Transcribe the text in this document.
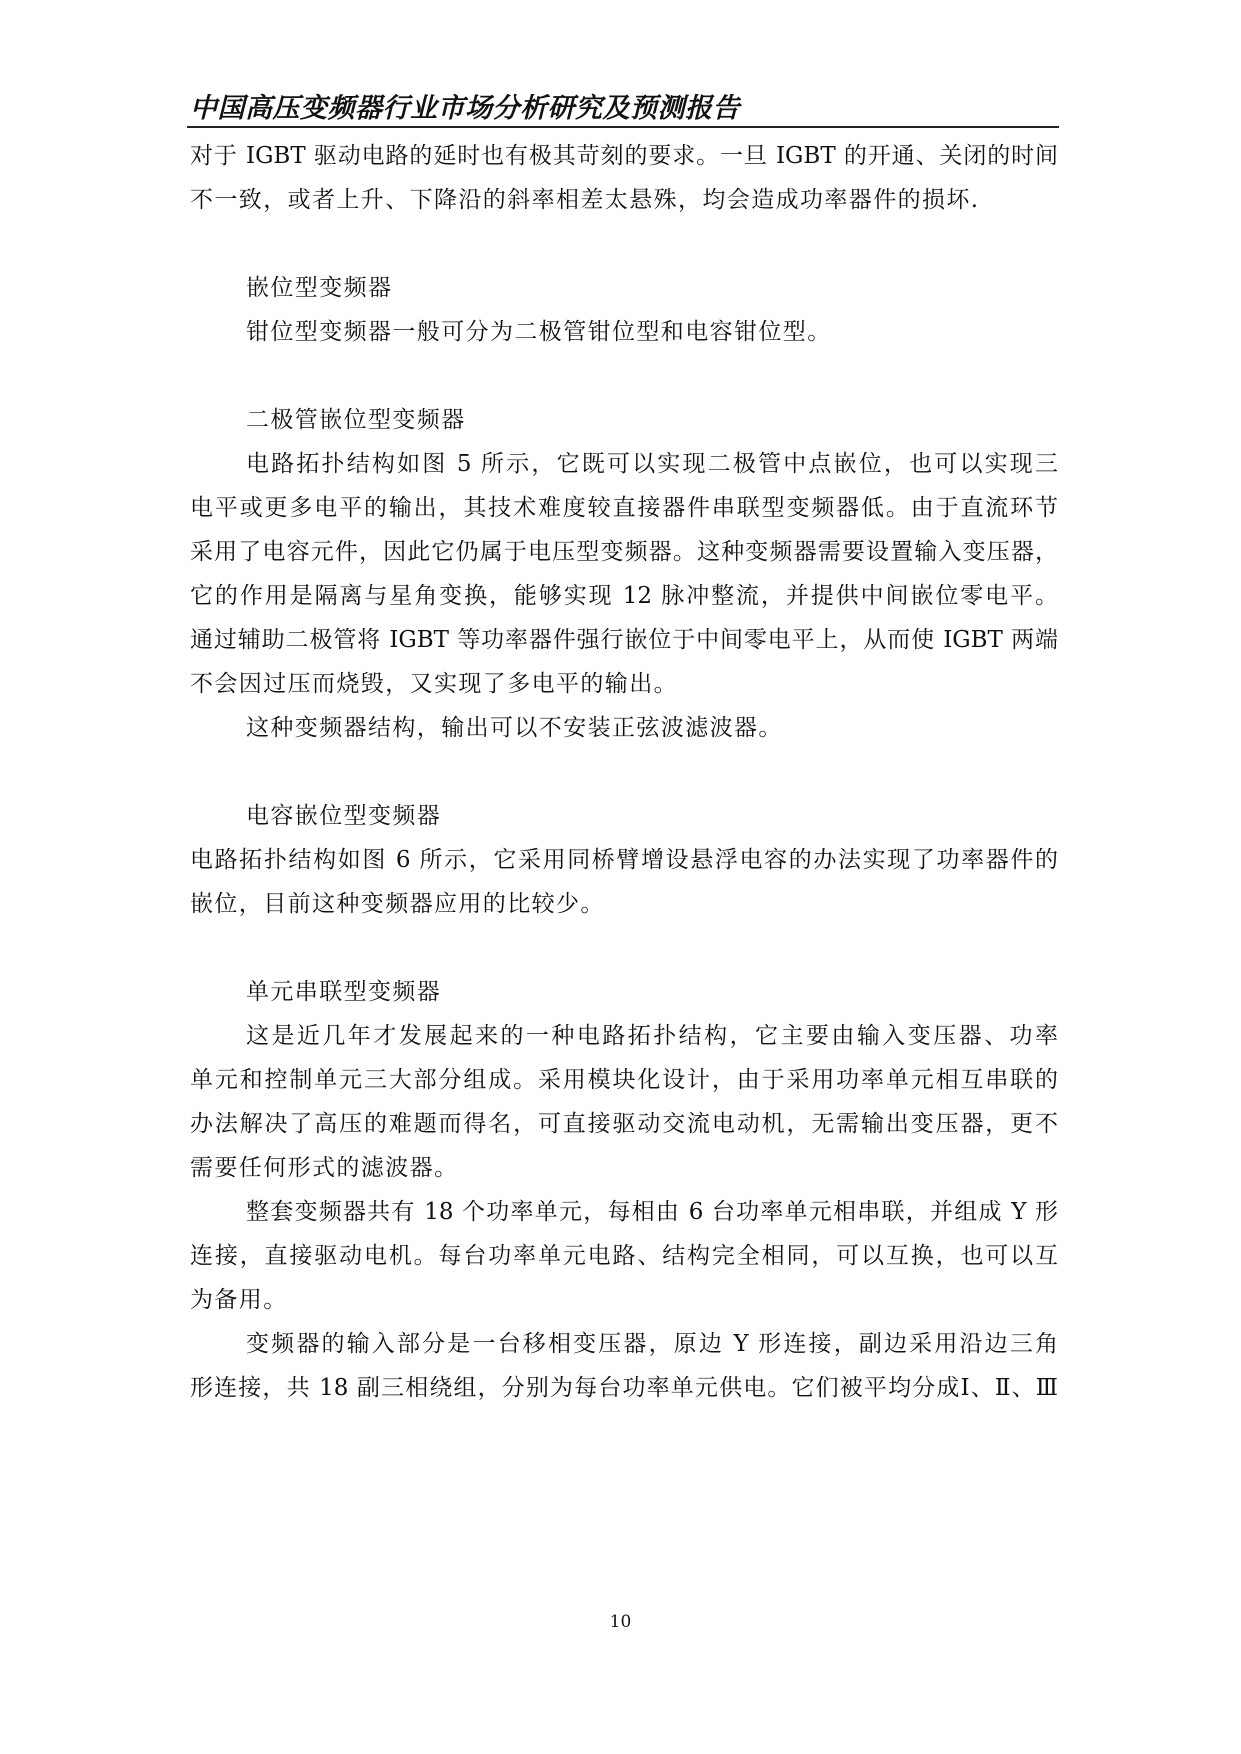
中国高压变频器行业市场分析研究及预测报告
对于 IGBT 驱动电路的延时也有极其苛刻的要求。一旦 IGBT 的开通、关闭的时间
不一致，或者上升、下降沿的斜率相差太悬殊，均会造成功率器件的损坏.
嵌位型变频器
钳位型变频器一般可分为二极管钳位型和电容钳位型。
二极管嵌位型变频器
电路拓扑结构如图 5 所示，它既可以实现二极管中点嵌位，也可以实现三
电平或更多电平的输出，其技术难度较直接器件串联型变频器低。由于直流环节
采用了电容元件，因此它仍属于电压型变频器。这种变频器需要设置输入变压器，
它的作用是隔离与星角变换，能够实现 12 脉冲整流，并提供中间嵌位零电平。
通过辅助二极管将 IGBT 等功率器件强行嵌位于中间零电平上，从而使 IGBT 两端
不会因过压而烧毁，又实现了多电平的输出。
这种变频器结构，输出可以不安装正弦波滤波器。
电容嵌位型变频器
电路拓扑结构如图 6 所示，它采用同桥臂增设悬浮电容的办法实现了功率器件的
嵌位，目前这种变频器应用的比较少。
单元串联型变频器
这是近几年才发展起来的一种电路拓扑结构，它主要由输入变压器、功率
单元和控制单元三大部分组成。采用模块化设计，由于采用功率单元相互串联的
办法解决了高压的难题而得名，可直接驱动交流电动机，无需输出变压器，更不
需要任何形式的滤波器。
整套变频器共有 18 个功率单元，每相由 6 台功率单元相串联，并组成 Y 形
连接，直接驱动电机。每台功率单元电路、结构完全相同，可以互换，也可以互
为备用。
变频器的输入部分是一台移相变压器，原边 Y 形连接，副边采用沿边三角
形连接，共 18 副三相绕组，分别为每台功率单元供电。它们被平均分成Ⅰ、Ⅱ、Ⅲ
10
